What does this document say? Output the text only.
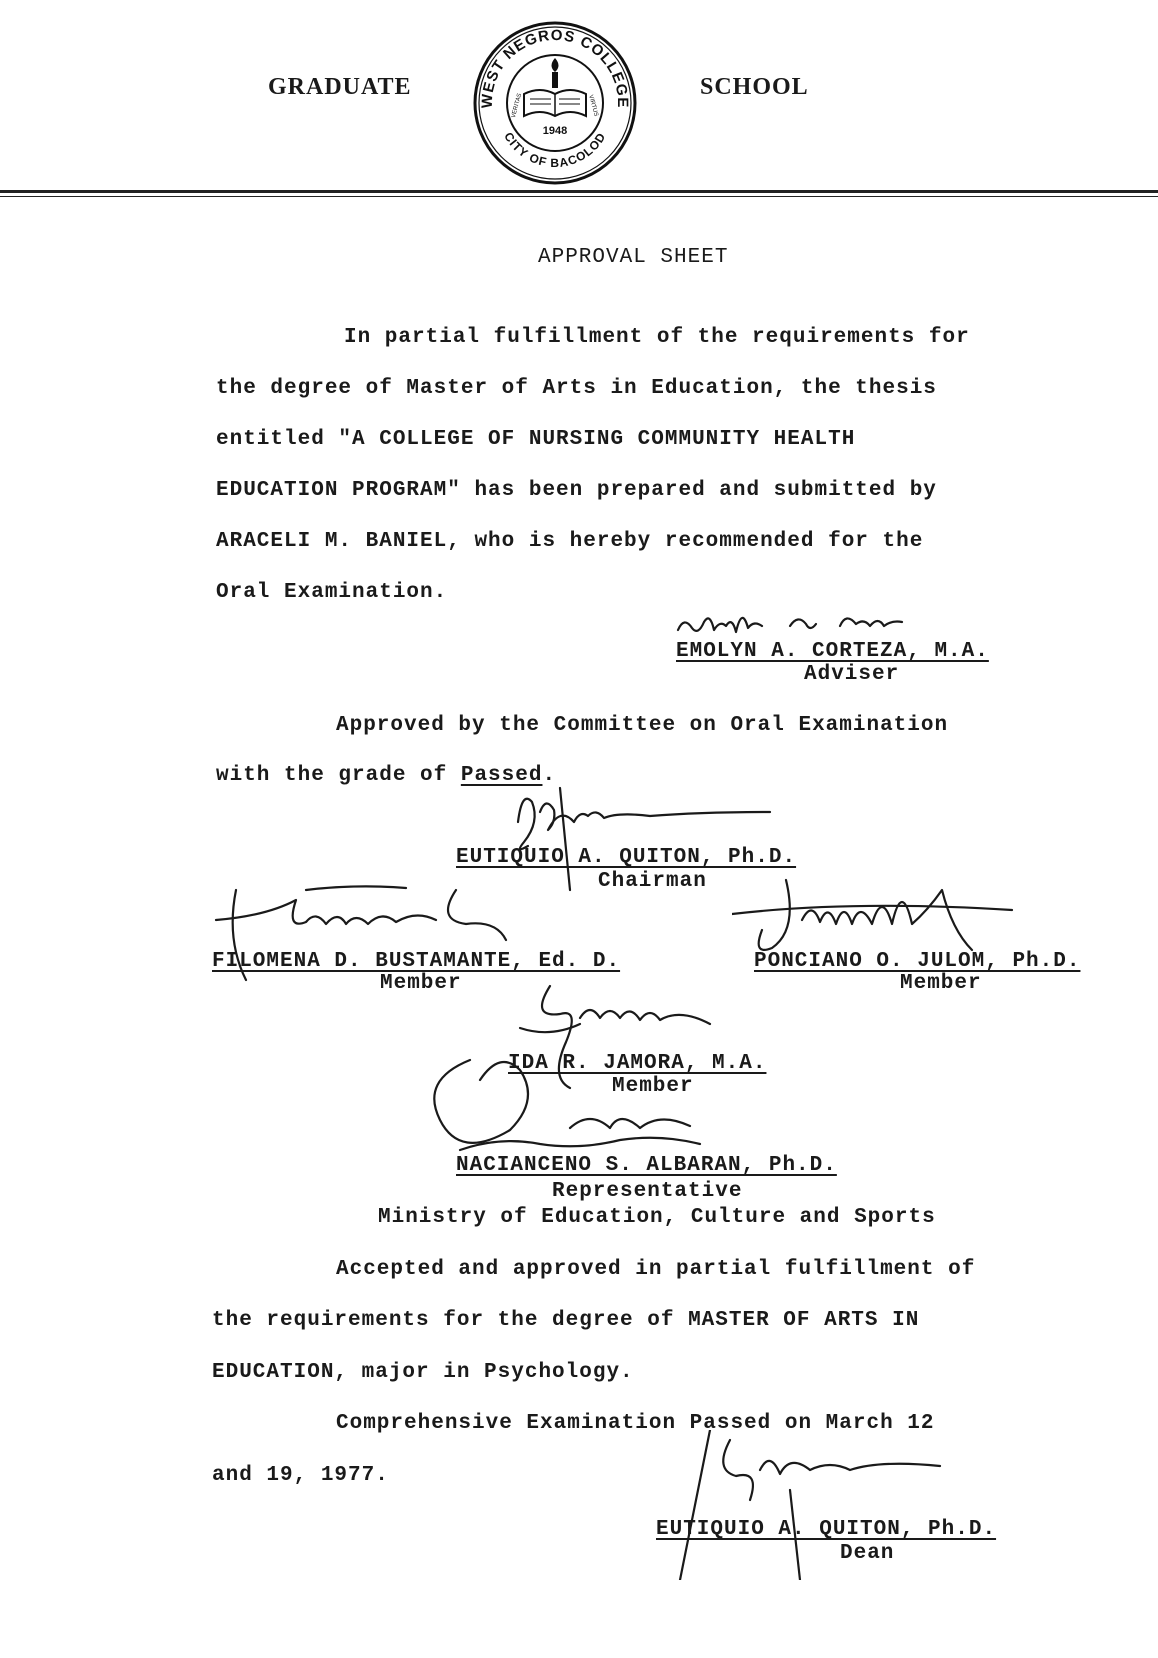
GRADUATE	SCHOOL
WEST NEGROS COLLEGE
CITY OF BACOLOD
1948
VERITAS	VIRTUS
APPROVAL SHEET
In partial fulfillment of the requirements for
the degree of Master of Arts in Education, the thesis
entitled "A COLLEGE OF NURSING COMMUNITY HEALTH
EDUCATION PROGRAM" has been prepared and submitted by
ARACELI M. BANIEL, who is hereby recommended for the
Oral Examination.
EMOLYN A. CORTEZA, M.A.
Adviser
Approved by the Committee on Oral Examination
with the grade of Passed.
EUTIQUIO A. QUITON, Ph.D.
Chairman
FILOMENA D. BUSTAMANTE, Ed. D.
Member
PONCIANO O. JULOM, Ph.D.
Member
IDA R. JAMORA, M.A.
Member
NACIANCENO S. ALBARAN, Ph.D.
Representative
Ministry of Education, Culture and Sports
Accepted and approved in partial fulfillment of
the requirements for the degree of MASTER OF ARTS IN
EDUCATION, major in Psychology.
Comprehensive Examination Passed on March 12
and 19, 1977.
EUTIQUIO A. QUITON, Ph.D.
Dean
